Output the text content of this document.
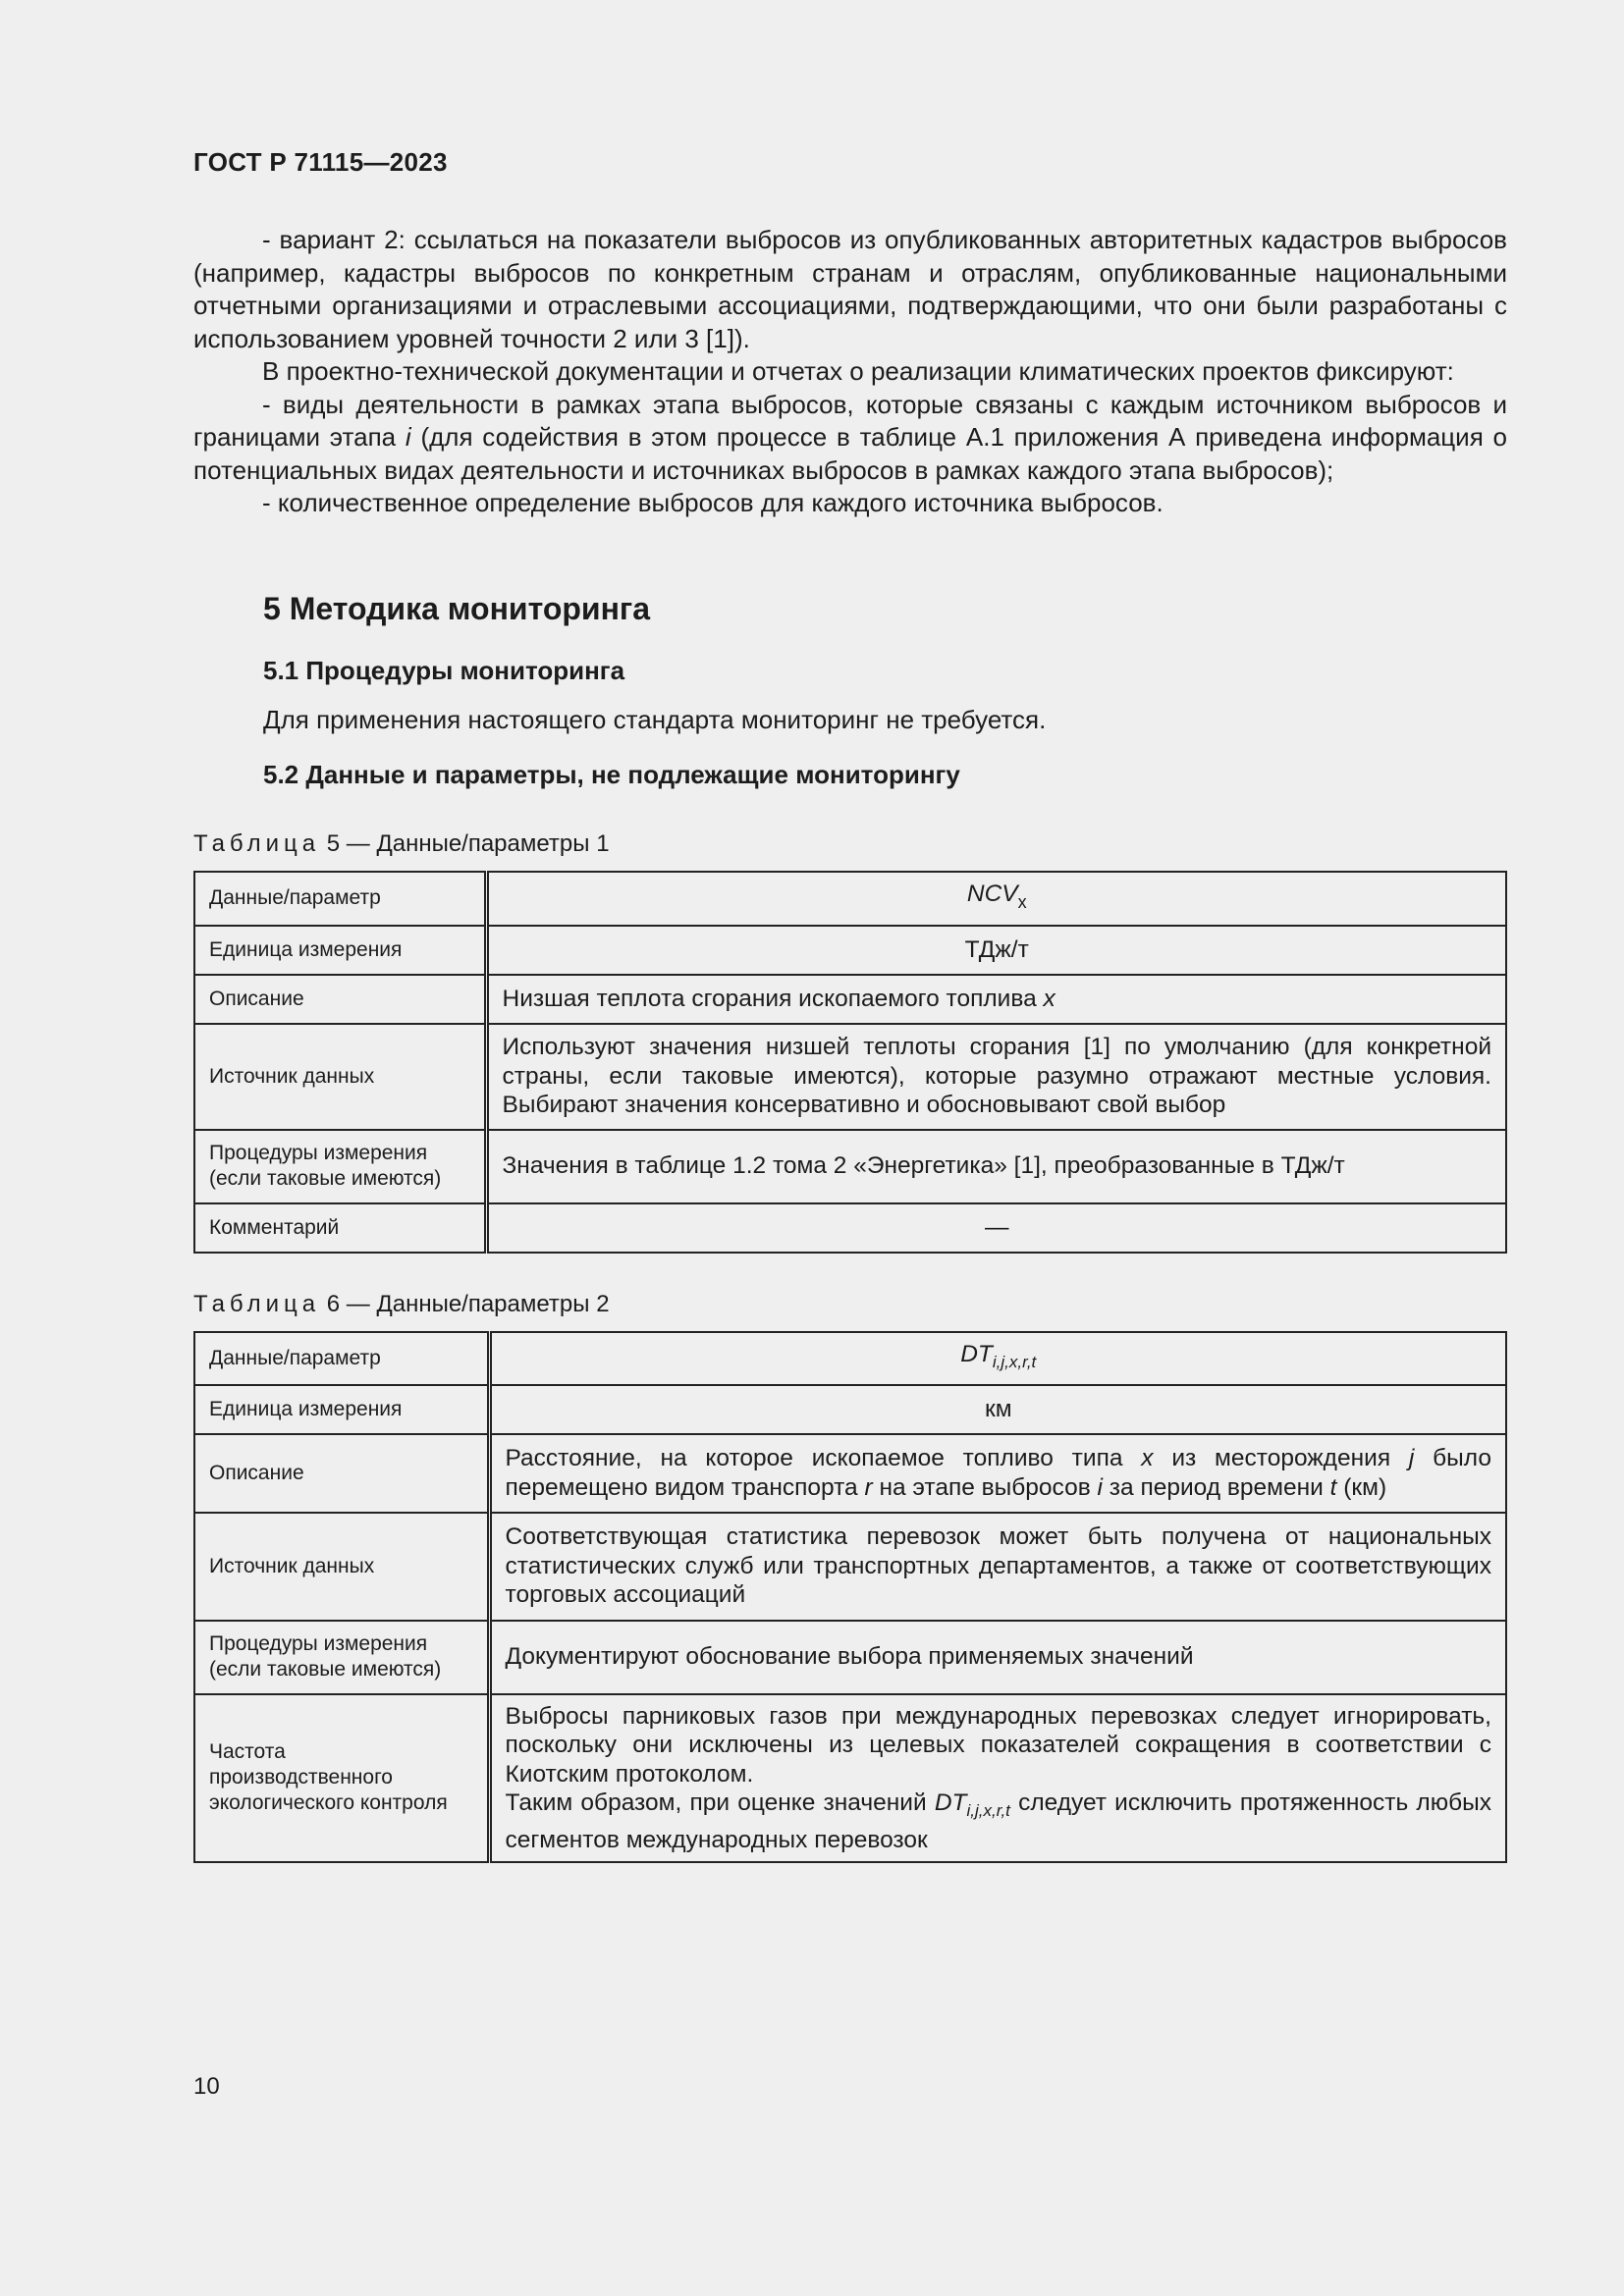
ГОСТ Р 71115—2023

- вариант 2: ссылаться на показатели выбросов из опубликованных авторитетных кадастров выбросов (например, кадастры выбросов по конкретным странам и отраслям, опубликованные национальными отчетными организациями и отраслевыми ассоциациями, подтверждающими, что они были разработаны с использованием уровней точности 2 или 3 [1]).

В проектно-технической документации и отчетах о реализации климатических проектов фиксируют:

- виды деятельности в рамках этапа выбросов, которые связаны с каждым источником выбросов и границами этапа i (для содействия в этом процессе в таблице А.1 приложения А приведена информация о потенциальных видах деятельности и источниках выбросов в рамках каждого этапа выбросов);

- количественное определение выбросов для каждого источника выбросов.

5 Методика мониторинга
5.1 Процедуры мониторинга
Для применения настоящего стандарта мониторинг не требуется.
5.2 Данные и параметры, не подлежащие мониторингу
Таблица 5 — Данные/параметры 1
Данные/параметр	$NCV_x$
Единица измерения	ТДж/т
Описание	Низшая теплота сгорания ископаемого топлива x
Источник данных	Используют значения низшей теплоты сгорания [1] по умолчанию (для конкретной страны, если таковые имеются), которые разумно отражают местные условия. Выбирают значения консервативно и обосновывают свой выбор
Процедуры измерения (если таковые имеются)	Значения в таблице 1.2 тома 2 «Энергетика» [1], преобразованные в ТДж/т
Комментарий	—
Таблица 6 — Данные/параметры 2
Данные/параметр	$DT_{i,j,x,r,t}$
Единица измерения	км
Описание	Расстояние, на которое ископаемое топливо типа x из месторождения j было перемещено видом транспорта r на этапе выбросов i за период времени t (км)
Источник данных	Соответствующая статистика перевозок может быть получена от национальных статистических служб или транспортных департаментов, а также от соответствующих торговых ассоциаций
Процедуры измерения (если таковые имеются)	Документируют обоснование выбора применяемых значений
Частота производственного экологического контроля	Выбросы парниковых газов при международных перевозках следует игнорировать, поскольку они исключены из целевых показателей сокращения в соответствии с Киотским протоколом.
Таким образом, при оценке значений $DT_{i,j,x,r,t}$ следует исключить протяженность любых сегментов международных перевозок
10
